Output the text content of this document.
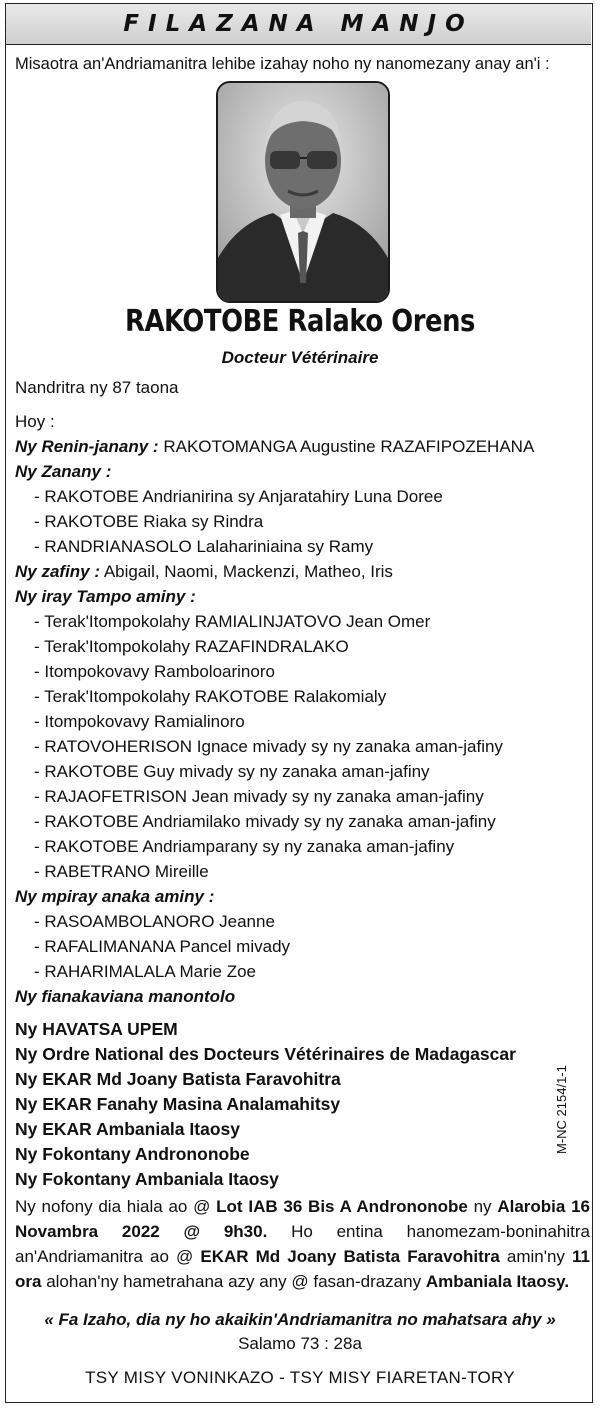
FILAZANA MANJO
Misaotra an'Andriamanitra lehibe izahay noho ny nanomezany anay an'i :
RAKOTOBE Ralako Orens
Docteur Vétérinaire
Nandritra ny 87 taona
Hoy :
Ny Renin-janany : RAKOTOMANGA Augustine RAZAFIPOZEHANA
Ny Zanany :
- RAKOTOBE Andrianirina sy Anjaratahiry Luna Doree
- RAKOTOBE Riaka sy Rindra
- RANDRIANASOLO Lalahariniaina sy Ramy
Ny zafiny : Abigail, Naomi, Mackenzi, Matheo, Iris
Ny iray Tampo aminy :
- Terak'Itompokolahy RAMIALINJATOVO Jean Omer
- Terak'Itompokolahy RAZAFINDRALAKO
- Itompokovavy Ramboloarinoro
- Terak'Itompokolahy RAKOTOBE Ralakomialy
- Itompokovavy Ramialinoro
- RATOVOHERISON Ignace mivady sy ny zanaka aman-jafiny
- RAKOTOBE Guy mivady sy ny zanaka aman-jafiny
- RAJAOFETRISON Jean mivady sy ny zanaka aman-jafiny
- RAKOTOBE Andriamilako mivady sy ny zanaka aman-jafiny
- RAKOTOBE Andriamparany sy ny zanaka aman-jafiny
- RABETRANO Mireille
Ny mpiray anaka aminy :
- RASOAMBOLANORO Jeanne
- RAFALIMANANA Pancel mivady
- RAHARIMALALA Marie Zoe
Ny fianakaviana manontolo
Ny HAVATSA UPEM
Ny Ordre National des Docteurs Vétérinaires de Madagascar
Ny EKAR Md Joany Batista Faravohitra
Ny EKAR Fanahy Masina Analamahitsy
Ny EKAR Ambaniala Itaosy
Ny Fokontany Andrononobe
Ny Fokontany Ambaniala Itaosy
M-NC 2154/1-1
Ny nofony dia hiala ao @ Lot IAB 36 Bis A Andrononobe ny Alarobia 16 Novambra 2022 @ 9h30. Ho entina hanomezam-boninahitra an'Andriamanitra ao @ EKAR Md Joany Batista Faravohitra amin'ny 11 ora alohan'ny hametrahana azy any @ fasan-drazany Ambaniala Itaosy.
« Fa Izaho, dia ny ho akaikin'Andriamanitra no mahatsara ahy »
Salamo 73 : 28a
TSY MISY VONINKAZO - TSY MISY FIARETAN-TORY
